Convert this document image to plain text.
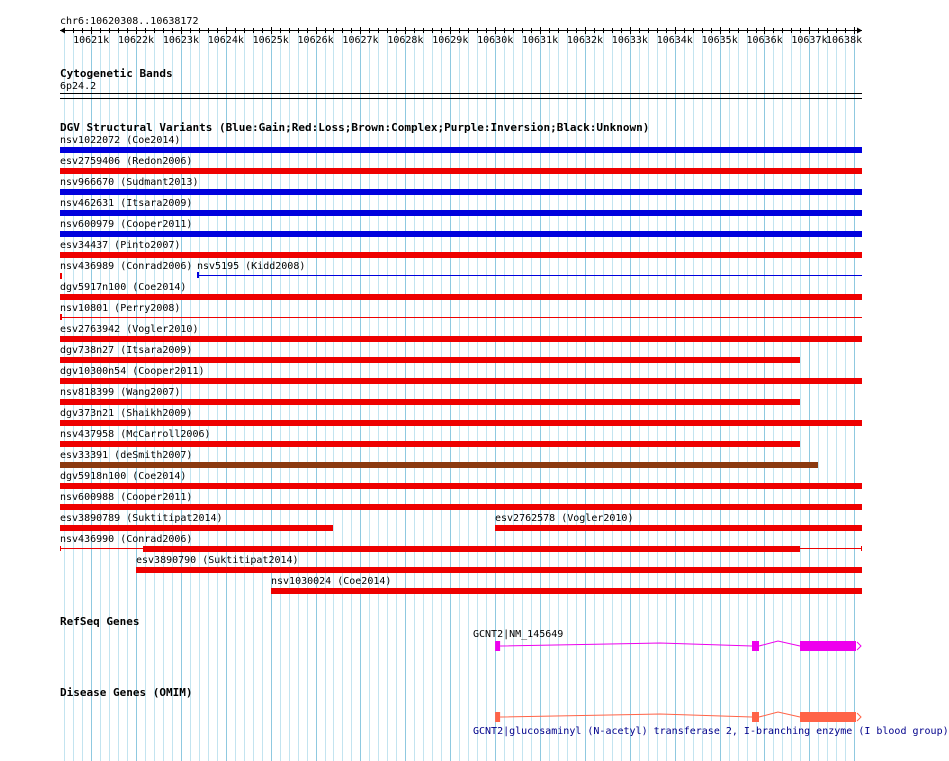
chr6:10620308..10638172
10621k 10622k 10623k 10624k 10625k 10626k 10627k 10628k 10629k 10630k 10631k 10632k 10633k 10634k 10635k 10636k 10637k
10638k
Cytogenetic Bands
6p24.2
DGV Structural Variants (Blue:Gain;Red:Loss;Brown:Complex;Purple:Inversion;Black:Unknown)
nsv1022072 (Coe2014)
esv2759406 (Redon2006)
nsv966670 (Sudmant2013)
nsv462631 (Itsara2009)
nsv600979 (Cooper2011)
esv34437 (Pinto2007)
nsv436989 (Conrad2006) nsv5195 (Kidd2008)
dgv5917n100 (Coe2014)
nsv10801 (Perry2008)
esv2763942 (Vogler2010)
dgv738n27 (Itsara2009)
dgv10300n54 (Cooper2011)
nsv818399 (Wang2007)
dgv373n21 (Shaikh2009)
nsv437958 (McCarroll2006)
esv33391 (deSmith2007)
dgv5918n100 (Coe2014)
nsv600988 (Cooper2011)
esv3890789 (Suktitipat2014)	esv2762578 (Vogler2010)
nsv436990 (Conrad2006)
esv3890790 (Suktitipat2014)
nsv1030024 (Coe2014)
RefSeq Genes
GCNT2|NM_145649
Disease Genes (OMIM)
GCNT2|glucosaminyl (N-acetyl) transferase 2, I-branching enzyme (I blood group)
